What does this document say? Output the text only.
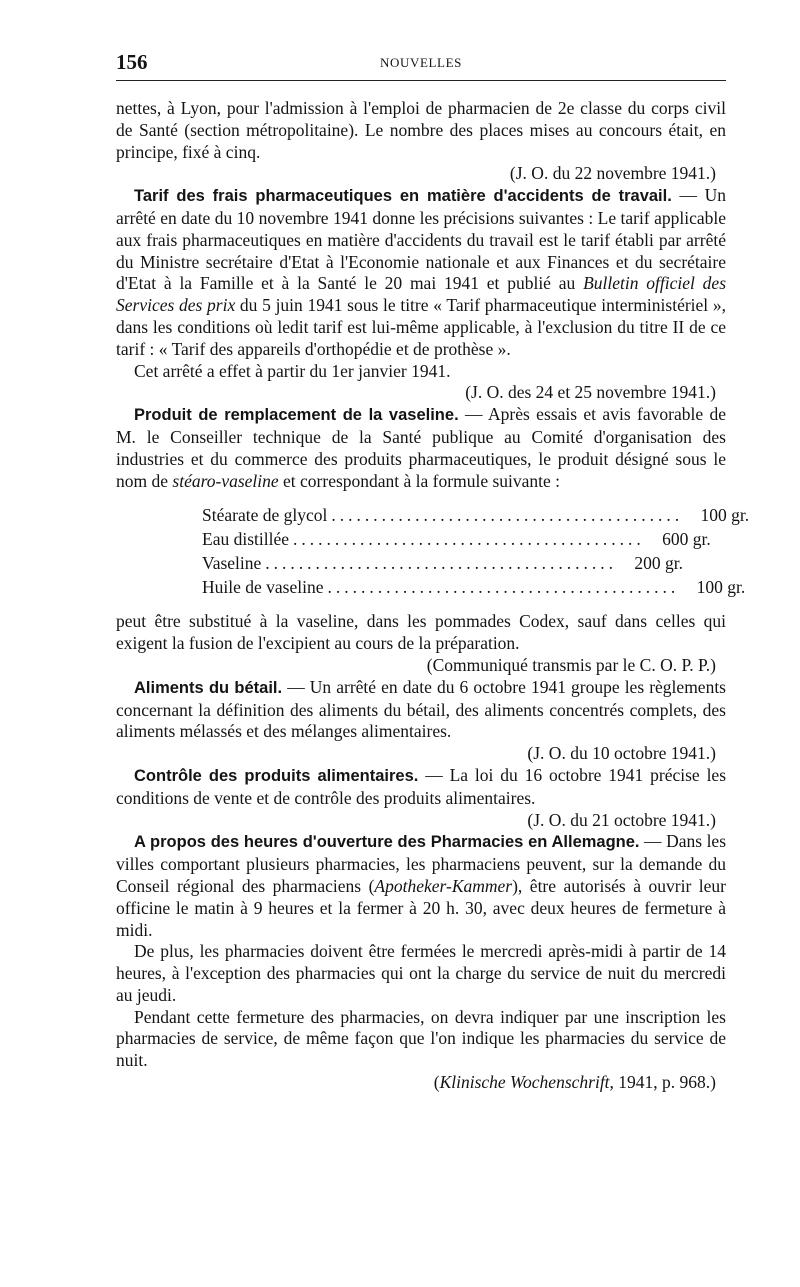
156	NOUVELLES

nettes, à Lyon, pour l'admission à l'emploi de pharmacien de 2e classe du corps civil de Santé (section métropolitaine). Le nombre des places mises au concours était, en principe, fixé à cinq.

(J. O. du 22 novembre 1941.)

Tarif des frais pharmaceutiques en matière d'accidents de travail. — Un arrêté en date du 10 novembre 1941 donne les précisions suivantes : Le tarif applicable aux frais pharmaceutiques en matière d'accidents du travail est le tarif établi par arrêté du Ministre secrétaire d'Etat à l'Economie nationale et aux Finances et du secrétaire d'Etat à la Famille et à la Santé le 20 mai 1941 et publié au Bulletin officiel des Services des prix du 5 juin 1941 sous le titre « Tarif pharmaceutique interministériel », dans les conditions où ledit tarif est lui-même applicable, à l'exclusion du titre II de ce tarif : « Tarif des appareils d'orthopédie et de prothèse ».

Cet arrêté a effet à partir du 1er janvier 1941.

(J. O. des 24 et 25 novembre 1941.)

Produit de remplacement de la vaseline. — Après essais et avis favorable de M. le Conseiller technique de la Santé publique au Comité d'organisation des industries et du commerce des produits pharmaceutiques, le produit désigné sous le nom de stéaro-vaseline et correspondant à la formule suivante :

Stéarate de glycol .......................................... 100 gr.
Eau distillée .......................................... 600 gr.
Vaseline .......................................... 200 gr.
Huile de vaseline .......................................... 100 gr.

peut être substitué à la vaseline, dans les pommades Codex, sauf dans celles qui exigent la fusion de l'excipient au cours de la préparation.

(Communiqué transmis par le C. O. P. P.)

Aliments du bétail. — Un arrêté en date du 6 octobre 1941 groupe les règlements concernant la définition des aliments du bétail, des aliments concentrés complets, des aliments mélassés et des mélanges alimentaires.

(J. O. du 10 octobre 1941.)

Contrôle des produits alimentaires. — La loi du 16 octobre 1941 précise les conditions de vente et de contrôle des produits alimentaires.

(J. O. du 21 octobre 1941.)

A propos des heures d'ouverture des Pharmacies en Allemagne. — Dans les villes comportant plusieurs pharmacies, les pharmaciens peuvent, sur la demande du Conseil régional des pharmaciens (Apotheker-Kammer), être autorisés à ouvrir leur officine le matin à 9 heures et la fermer à 20 h. 30, avec deux heures de fermeture à midi.

De plus, les pharmacies doivent être fermées le mercredi après-midi à partir de 14 heures, à l'exception des pharmacies qui ont la charge du service de nuit du mercredi au jeudi.

Pendant cette fermeture des pharmacies, on devra indiquer par une inscription les pharmacies de service, de même façon que l'on indique les pharmacies du service de nuit.

(Klinische Wochenschrift, 1941, p. 968.)
